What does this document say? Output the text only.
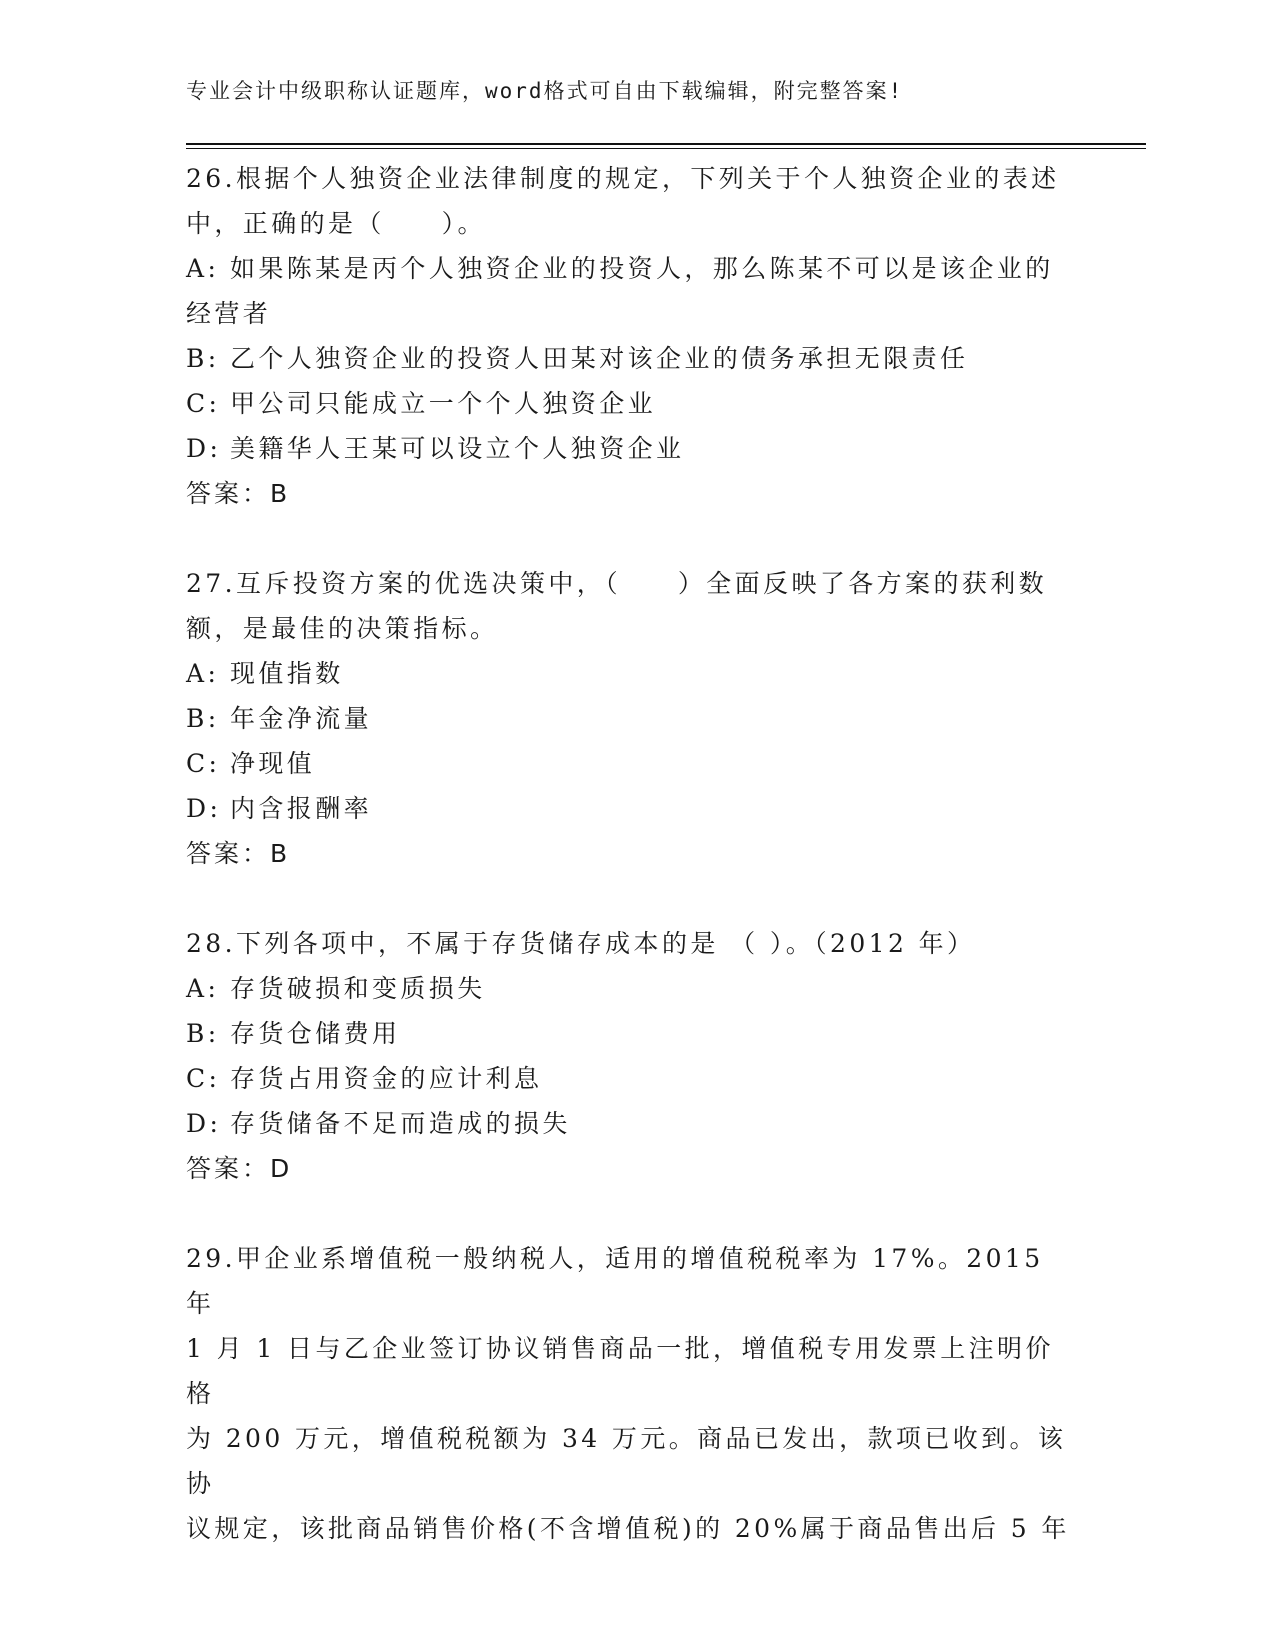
专业会计中级职称认证题库，word格式可自由下载编辑，附完整答案!
26.根据个人独资企业法律制度的规定，下列关于个人独资企业的表述
中，正确的是（　　）。
A: 如果陈某是丙个人独资企业的投资人，那么陈某不可以是该企业的
经营者
B: 乙个人独资企业的投资人田某对该企业的债务承担无限责任
C: 甲公司只能成立一个个人独资企业
D: 美籍华人王某可以设立个人独资企业
答案：B
27.互斥投资方案的优选决策中，（　　）全面反映了各方案的获利数
额，是最佳的决策指标。
A: 现值指数
B: 年金净流量
C: 净现值
D: 内含报酬率
答案：B
28.下列各项中，不属于存货储存成本的是 （ ）。（2012 年）
A: 存货破损和变质损失
B: 存货仓储费用
C: 存货占用资金的应计利息
D: 存货储备不足而造成的损失
答案：D
29.甲企业系增值税一般纳税人，适用的增值税税率为 17%。2015 年
1 月 1 日与乙企业签订协议销售商品一批，增值税专用发票上注明价格
为 200 万元，增值税税额为 34 万元。商品已发出，款项已收到。该协
议规定，该批商品销售价格(不含增值税)的 20%属于商品售出后 5 年
